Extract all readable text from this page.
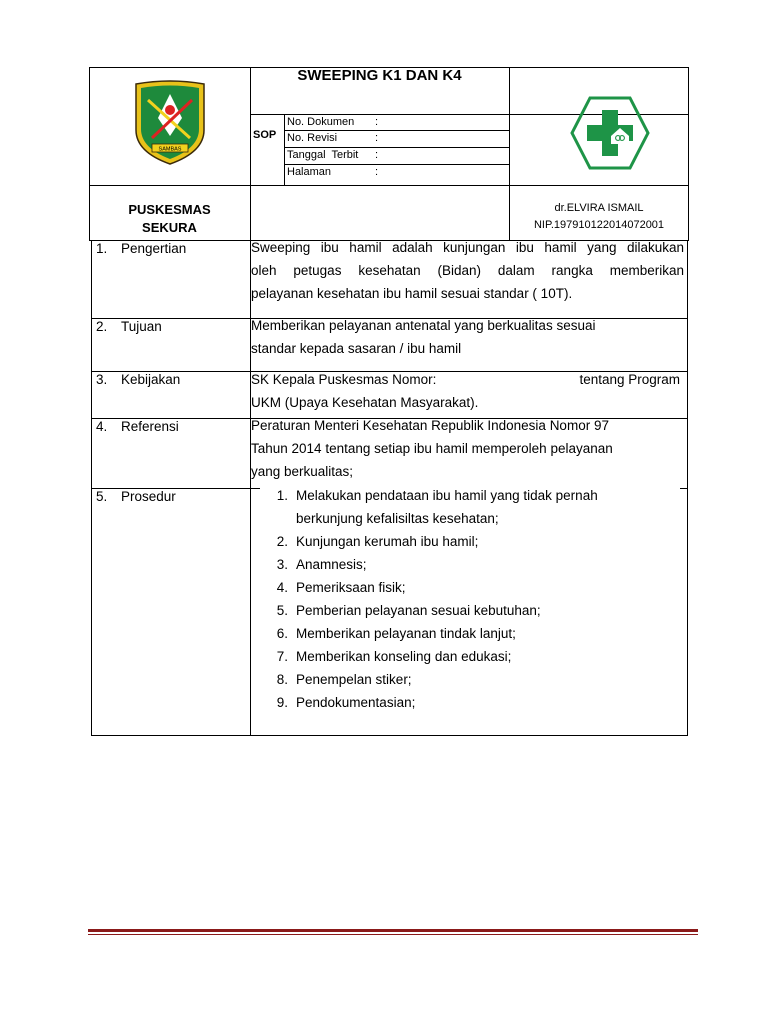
SAMBAS
SWEEPING K1 DAN K4
SOP
No. Dokumen :
No. Revisi	:
Tanggal  Terbit :
Halaman	:
PUSKESMAS
SEKURA
dr.ELVIRA ISMAIL
NIP.197910122014072001
1. Pengertian	Sweeping ibu hamil adalah kunjungan ibu hamil yang dilakukan
oleh petugas kesehatan (Bidan) dalam rangka memberikan
pelayanan kesehatan ibu hamil sesuai standar ( 10T).
2. Tujuan	Memberikan pelayanan antenatal yang berkualitas sesuai
standar kepada sasaran / ibu hamil
3. Kebijakan	SK Kepala Puskesmas Nomor:	tentang Program
UKM (Upaya Kesehatan Masyarakat).
4. Referensi	Peraturan Menteri Kesehatan Republik Indonesia Nomor 97
Tahun 2014 tentang setiap ibu hamil memperoleh pelayanan
yang berkualitas;
5. Prosedur	1. Melakukan pendataan ibu hamil yang tidak pernah
berkunjung kefalisiltas kesehatan;
2. Kunjungan kerumah ibu hamil;
3. Anamnesis;
4. Pemeriksaan fisik;
5. Pemberian pelayanan sesuai kebutuhan;
6. Memberikan pelayanan tindak lanjut;
7. Memberikan konseling dan edukasi;
8. Penempelan stiker;
9. Pendokumentasian;
